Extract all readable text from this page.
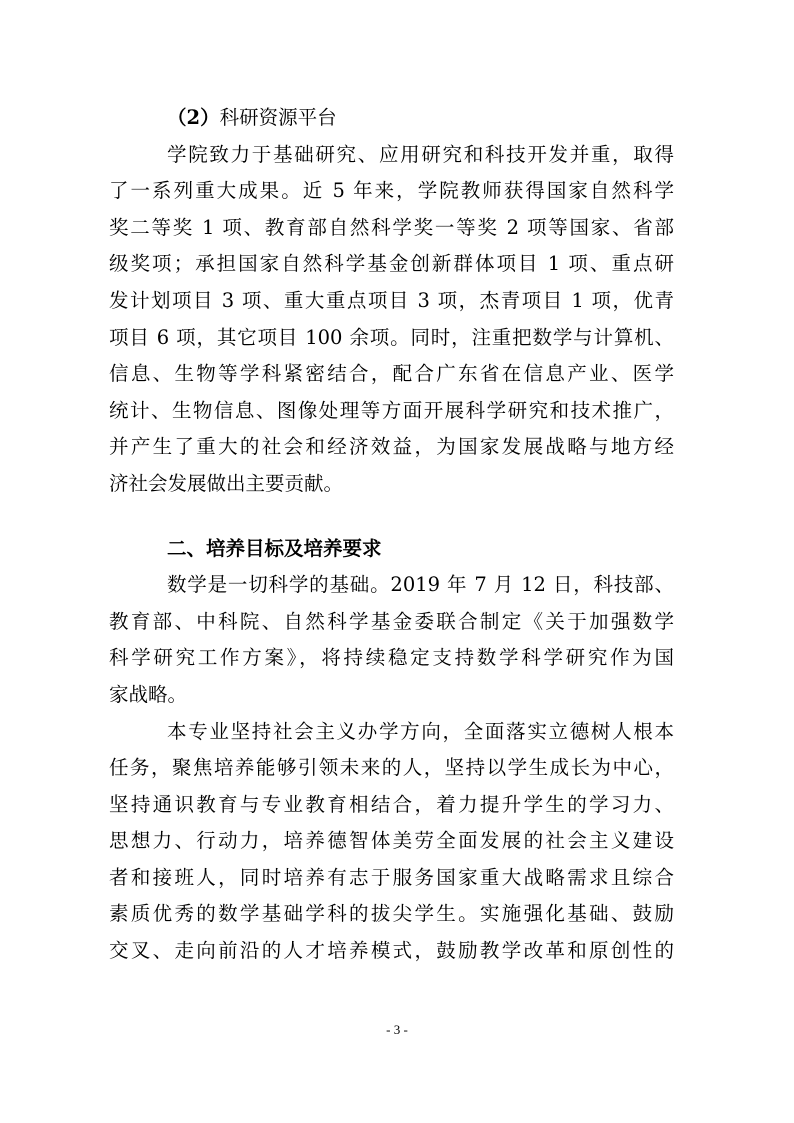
（2）科研资源平台
学院致力于基础研究、应用研究和科技开发并重，取得
了一系列重大成果。近 5 年来，学院教师获得国家自然科学
奖二等奖 1 项、教育部自然科学奖一等奖 2 项等国家、省部
级奖项；承担国家自然科学基金创新群体项目 1 项、重点研
发计划项目 3 项、重大重点项目 3 项，杰青项目 1 项，优青
项目 6 项，其它项目 100 余项。同时，注重把数学与计算机、
信息、生物等学科紧密结合，配合广东省在信息产业、医学
统计、生物信息、图像处理等方面开展科学研究和技术推广，
并产生了重大的社会和经济效益，为国家发展战略与地方经
济社会发展做出主要贡献。
二、培养目标及培养要求
数学是一切科学的基础。2019 年 7 月 12 日，科技部、
教育部、中科院、自然科学基金委联合制定《关于加强数学
科学研究工作方案》，将持续稳定支持数学科学研究作为国
家战略。
本专业坚持社会主义办学方向，全面落实立德树人根本
任务，聚焦培养能够引领未来的人，坚持以学生成长为中心，
坚持通识教育与专业教育相结合，着力提升学生的学习力、
思想力、行动力，培养德智体美劳全面发展的社会主义建设
者和接班人，同时培养有志于服务国家重大战略需求且综合
素质优秀的数学基础学科的拔尖学生。实施强化基础、鼓励
交叉、走向前沿的人才培养模式，鼓励教学改革和原创性的
- 3 -
